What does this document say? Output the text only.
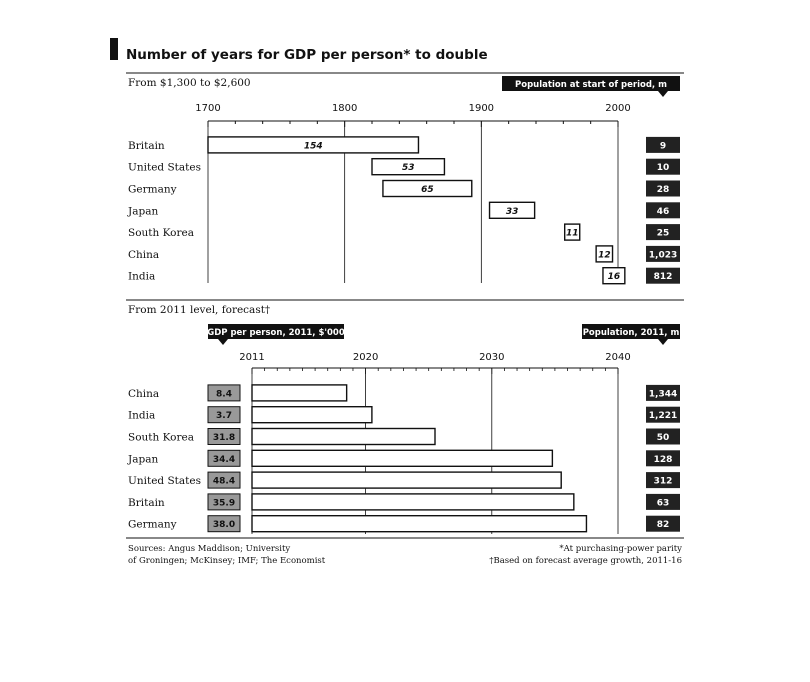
Number of years for GDP per person* to double
From $1,300 to $2,600	Population at start of period, m
1700	1800	1900	2000
Britain	154	9
United States	53	10
Germany	65	28
Japan	33	46
South Korea	11	25
China	12	1,023
India	16	812
From 2011 level, forecast†
GDP per person, 2011, $'000	Population, 2011, m
2011	2020	2030	2040
China	8.4	1,344
India	3.7	1,221
South Korea 31.8	50
Japan	34.4	128
United States 48.4	312
Britain	35.9	63
Germany	38.0	82
Sources: Angus Maddison; University
of Groningen; McKinsey; IMF; The Economist
*At purchasing-power parity
†Based on forecast average growth, 2011-16
